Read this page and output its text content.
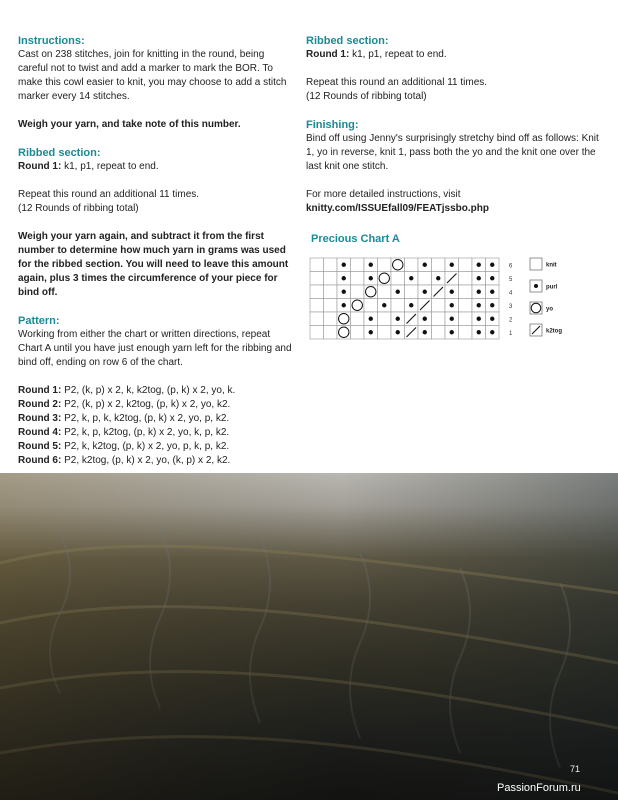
Instructions:

Cast on 238 stitches, join for knitting in the round, being careful not to twist and add a marker to mark the BOR. To make this cowl easier to knit, you may choose to add a stitch marker every 14 stitches.

Weigh your yarn, and take note of this number.

Ribbed section:

Round 1: k1, p1, repeat to end.

Repeat this round an additional 11 times.

(12 Rounds of ribbing total)

Weigh your yarn again, and subtract it from the first number to determine how much yarn in grams was used for the ribbed section. You will need to leave this amount again, plus 3 times the circumference of your piece for bind off.

Pattern:

Working from either the chart or written directions, repeat Chart A until you have just enough yarn left for the ribbing and bind off, ending on row 6 of the chart.

Round 1: P2, (k, p) x 2, k, k2tog, (p, k) x 2, yo, k.

Round 2: P2, (k, p) x 2, k2tog, (p, k) x 2, yo, k2.

Round 3: P2, k, p, k, k2tog, (p, k) x 2, yo, p, k2.

Round 4: P2, k, p, k2tog, (p, k) x 2, yo, k, p, k2.

Round 5: P2, k, k2tog, (p, k) x 2, yo, p, k, p, k2.

Round 6: P2, k2tog, (p, k) x 2, yo, (k, p) x 2, k2.

Ribbed section:

Round 1: k1, p1, repeat to end.

Repeat this round an additional 11 times.

(12 Rounds of ribbing total)

Finishing:

Bind off using Jenny's surprisingly stretchy bind off as follows: Knit 1, yo in reverse, knit 1, pass both the yo and the knit one over the last knit one stitch.

For more detailed instructions, visit

knitty.com/ISSUEfall09/FEATjssbo.php

Precious Chart A
6
5
4
3
2
1
knit
purl
yo
k2tog
71
PassionForum.ru
